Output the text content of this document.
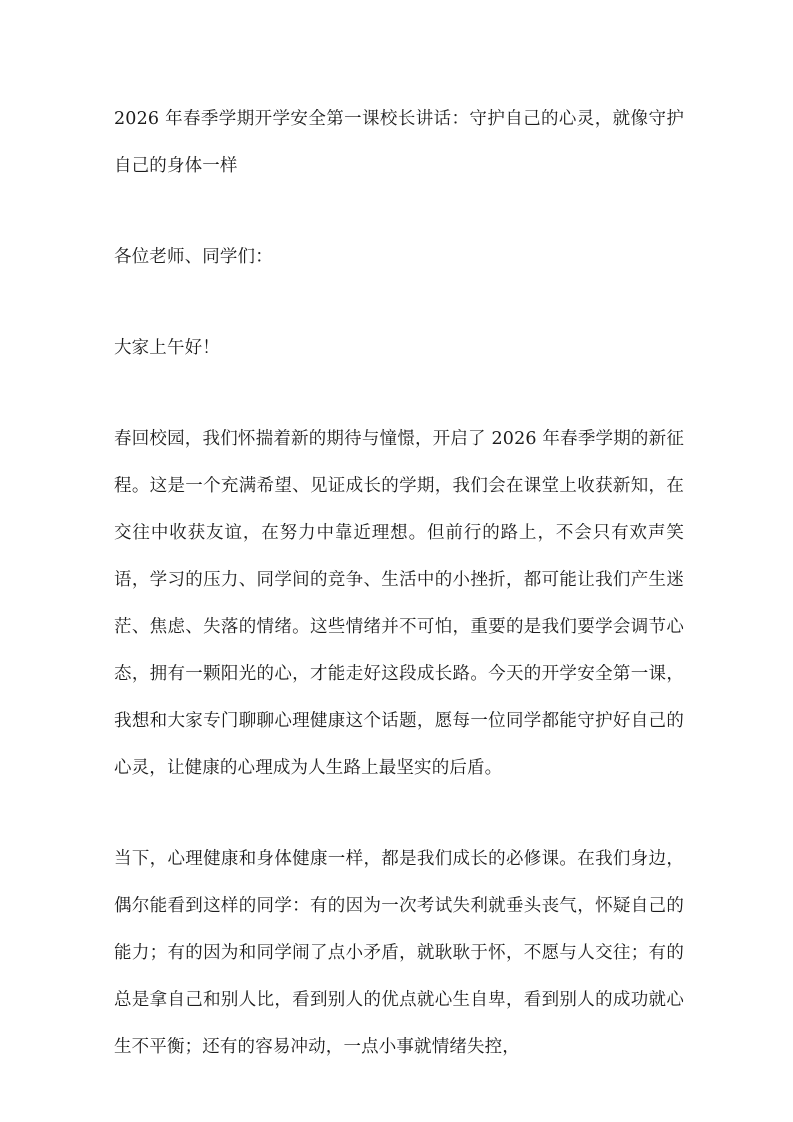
2026 年春季学期开学安全第一课校长讲话：守护自己的心灵，就像守护自己的身体一样

各位老师、同学们：

大家上午好！

春回校园，我们怀揣着新的期待与憧憬，开启了 2026 年春季学期的新征程。这是一个充满希望、见证成长的学期，我们会在课堂上收获新知，在交往中收获友谊，在努力中靠近理想。但前行的路上，不会只有欢声笑语，学习的压力、同学间的竞争、生活中的小挫折，都可能让我们产生迷茫、焦虑、失落的情绪。这些情绪并不可怕，重要的是我们要学会调节心态，拥有一颗阳光的心，才能走好这段成长路。今天的开学安全第一课，我想和大家专门聊聊心理健康这个话题，愿每一位同学都能守护好自己的心灵，让健康的心理成为人生路上最坚实的后盾。

当下，心理健康和身体健康一样，都是我们成长的必修课。在我们身边，偶尔能看到这样的同学：有的因为一次考试失利就垂头丧气，怀疑自己的能力；有的因为和同学闹了点小矛盾，就耿耿于怀，不愿与人交往；有的总是拿自己和别人比，看到别人的优点就心生自卑，看到别人的成功就心生不平衡；还有的容易冲动，一点小事就情绪失控，
